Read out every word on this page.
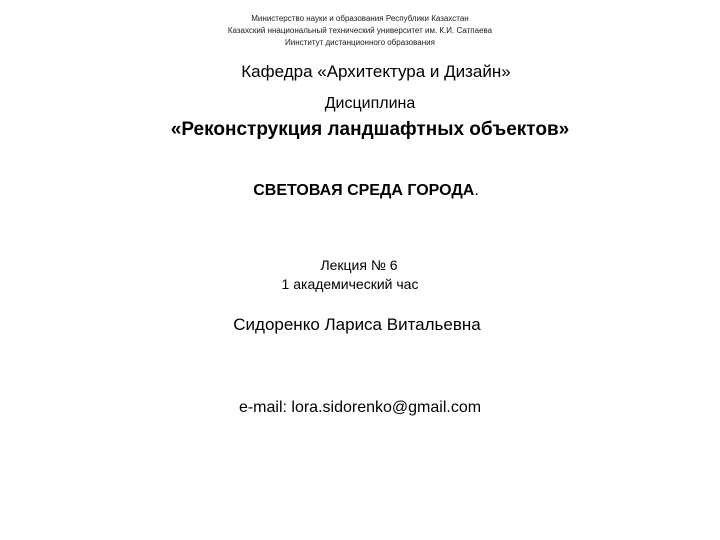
Министерство науки и образования Республики Казахстан
Казахский ннациональный технический университет им. К.И. Сатпаева
Иинститут дистанционного образования
Кафедра «Архитектура и Дизайн»
Дисциплина
«Реконструкция ландшафтных объектов»
СВЕТОВАЯ СРЕДА ГОРОДА.
Лекция № 6
1 академический час
Сидоренко Лариса Витальевна
e-mail: lora.sidorenko@gmail.com
